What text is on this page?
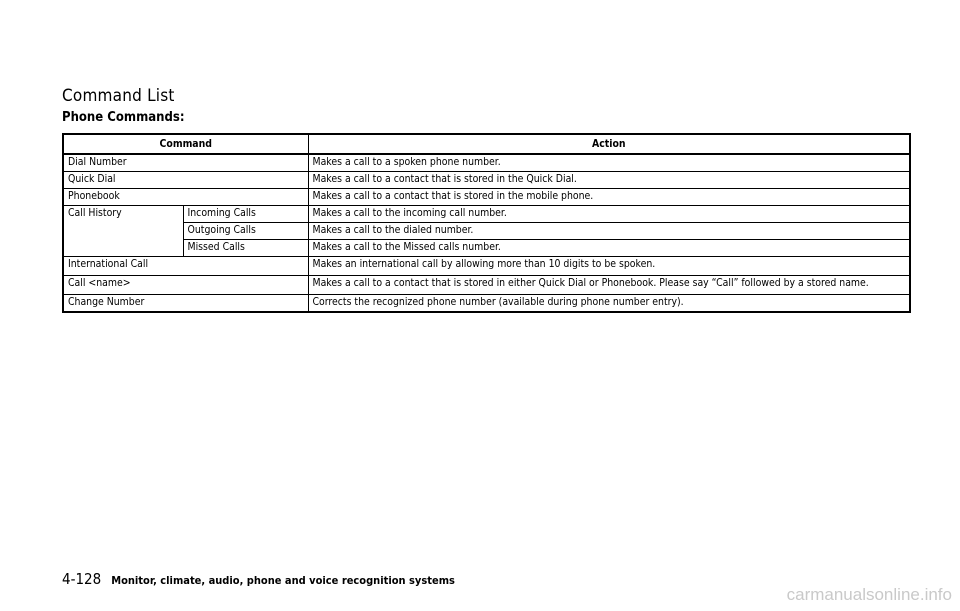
Command List
Phone Commands:
Command		Action
Dial Number		Makes a call to a spoken phone number.
Quick Dial		Makes a call to a contact that is stored in the Quick Dial.
Phonebook		Makes a call to a contact that is stored in the mobile phone.
Call History	Incoming Calls	Makes a call to the incoming call number.
	Outgoing Calls	Makes a call to the dialed number.
	Missed Calls	Makes a call to the Missed calls number.
International Call		Makes an international call by allowing more than 10 digits to be spoken.
Call <name>		Makes a call to a contact that is stored in either Quick Dial or Phonebook. Please say “Call” followed by a stored name.
Change Number		Corrects the recognized phone number (available during phone number entry).
4-128 Monitor, climate, audio, phone and voice recognition systems
carmanualsonline.info
